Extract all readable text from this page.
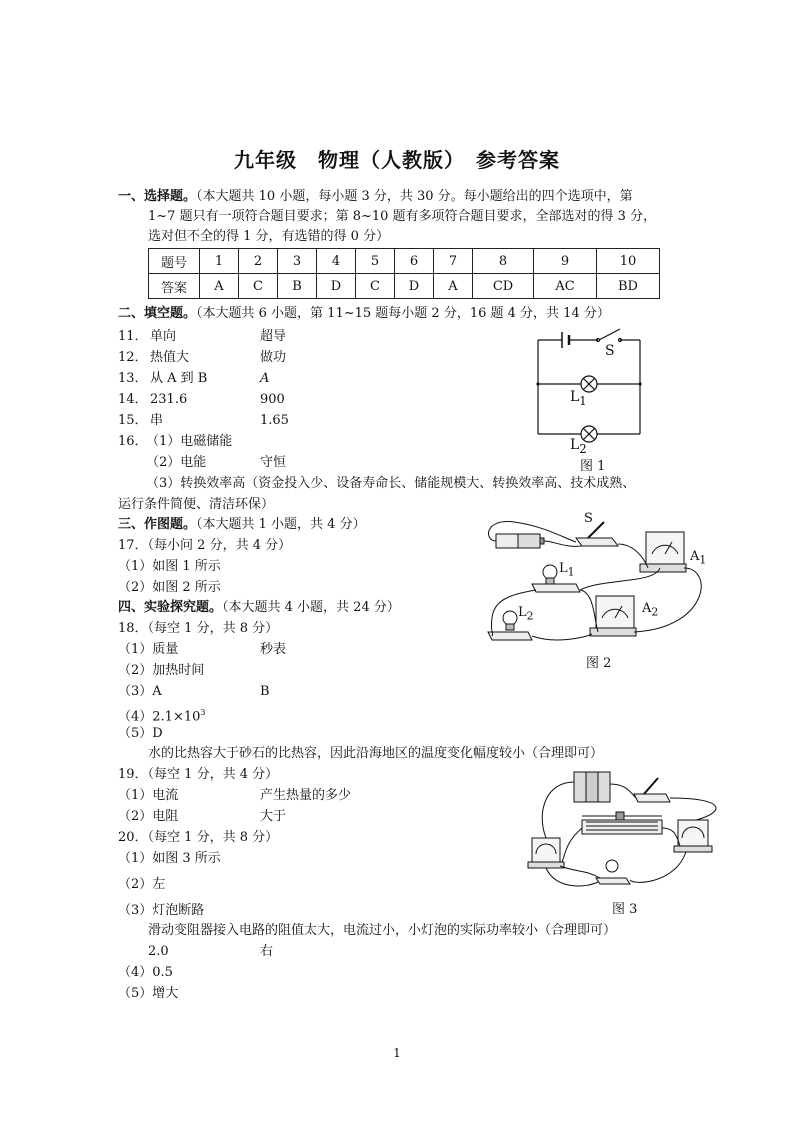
九年级　物理（人教版）　参考答案
一、选择题。（本大题共 10 小题，每小题 3 分，共 30 分。每小题给出的四个选项中，第
1~7 题只有一项符合题目要求；第 8~10 题有多项符合题目要求，全部选对的得 3 分，
选对但不全的得 1 分，有选错的得 0 分）
题号	1	2	3	4	5	6	7	8	9	10
答案	A	C	B	D	C	D	A	CD	AC	BD
二、填空题。（本大题共 6 小题，第 11~15 题每小题 2 分，16 题 4 分，共 14 分）
11． 单向	超导
12． 热值大	做功
13． 从 A 到 B	A
14． 231.6	900
15． 串	1.65
16．
（1）电磁储能
（2）电能	守恒
（3）转换效率高（资金投入少、设备寿命长、储能规模大、转换效率高、技术成熟、
运行条件简便、清洁环保）
S
$L_1$
$L_2$
图 1
三、作图题。（本大题共 1 小题，共 4 分）
17．（每小问 2 分，共 4 分）
（1）如图 1 所示
（2）如图 2 所示
S
$L_1$
$L_2$
$A_1$
$A_2$
图 2
四、实验探究题。（本大题共 4 小题，共 24 分）
18．（每空 1 分，共 8 分）
（1）质量	秒表
（2）加热时间
（3）A	B
$(4)2.1\times 10^3$
（5）D
水的比热容大于砂石的比热容，因此沿海地区的温度变化幅度较小（合理即可）
19．（每空 1 分，共 4 分）
（1）电流	产生热量的多少
（2）电阻	大于
20．（每空 1 分，共 8 分）
（1）如图 3 所示
（2）左
（3）灯泡断路
滑动变阻器接入电路的阻值太大，电流过小，小灯泡的实际功率较小（合理即可）
2.0	右
（4）0.5
（5）增大
图 3
1
